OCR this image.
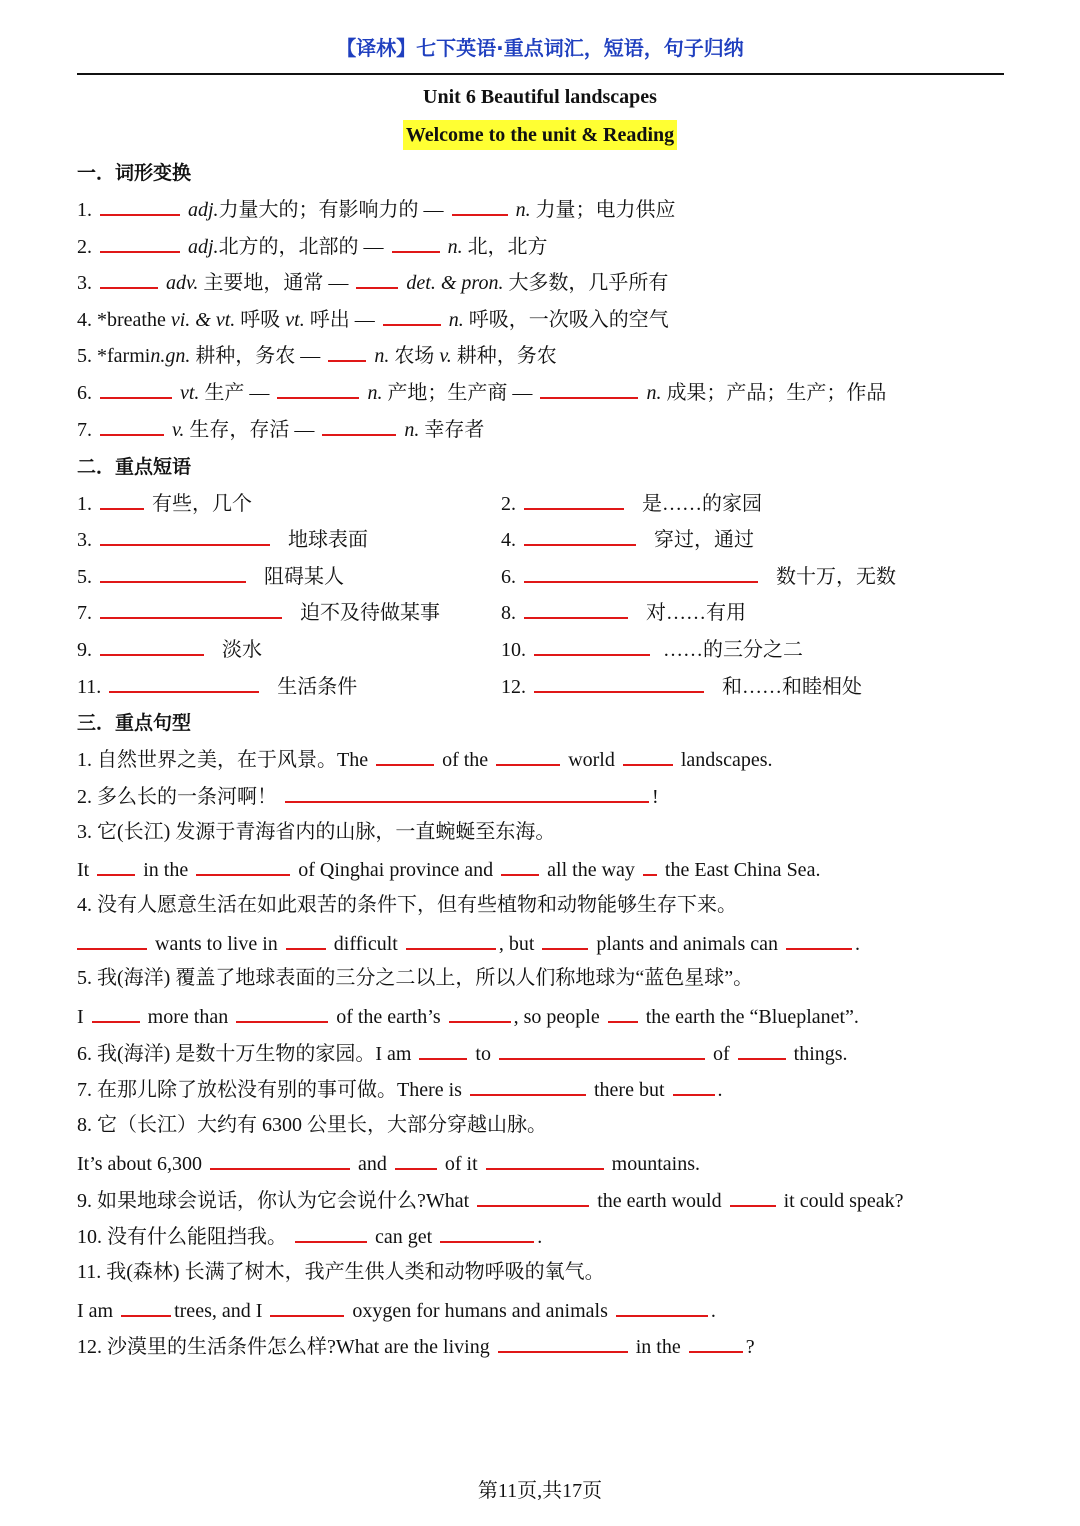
【译林】七下英语·重点词汇，短语，句子归纳
Unit 6 Beautiful landscapes
Welcome to the unit & Reading
一．词形变换
1.	adj.力量大的；有影响力的 —	n. 力量；电力供应
2.	adj.北方的，北部的 —	n. 北，北方
3.	adv. 主要地，通常 —	det. & pron. 大多数，几乎所有
4. *breathe vi. & vt. 呼吸 vt. 呼出 —	n. 呼吸，一次吸入的空气
5. *farmin.gn. 耕种，务农 —	n. 农场 v. 耕种，务农
6.	vt. 生产 —	n. 产地；生产商 —	n. 成果；产品；生产；作品
7.	v. 生存，存活 —	n. 幸存者
二．重点短语
1.	有些，几个	2.	是……的家园
3.	地球表面	4.	穿过，通过
5.	阻碍某人	6.	数十万，无数
7.	迫不及待做某事	8.	对……有用
9.	淡水	10.	……的三分之二
11.	生活条件	12.	和……和睦相处
三．重点句型
1. 自然世界之美，在于风景。The	of the	world	landscapes.
2. 多么长的一条河啊！	!
3. 它(长江) 发源于青海省内的山脉，一直蜿蜒至东海。
It	in the	of Qinghai province and	all the way the East China Sea.
4. 没有人愿意生活在如此艰苦的条件下，但有些植物和动物能够生存下来。
wants to live in	difficult	, but	plants and animals can	.
5. 我(海洋) 覆盖了地球表面的三分之二以上，所以人们称地球为“蓝色星球”。
I	more than	of the earth’s	, so people the earth the “Blueplanet”.
6. 我(海洋) 是数十万生物的家园。I am	to	of	things.
7. 在那儿除了放松没有别的事可做。There is	there but	.
8. 它（长江）大约有 6300 公里长，大部分穿越山脉。
It’s about 6,300	and	of it	mountains.
9. 如果地球会说话，你认为它会说什么?What	the earth would	it could speak?
10. 没有什么能阻挡我。	can get	.
11. 我(森林) 长满了树木，我产生供人类和动物呼吸的氧气。
I am	trees, and I	oxygen for humans and animals	.
12. 沙漠里的生活条件怎么样?What are the living	in the	?
第11页,共17页
